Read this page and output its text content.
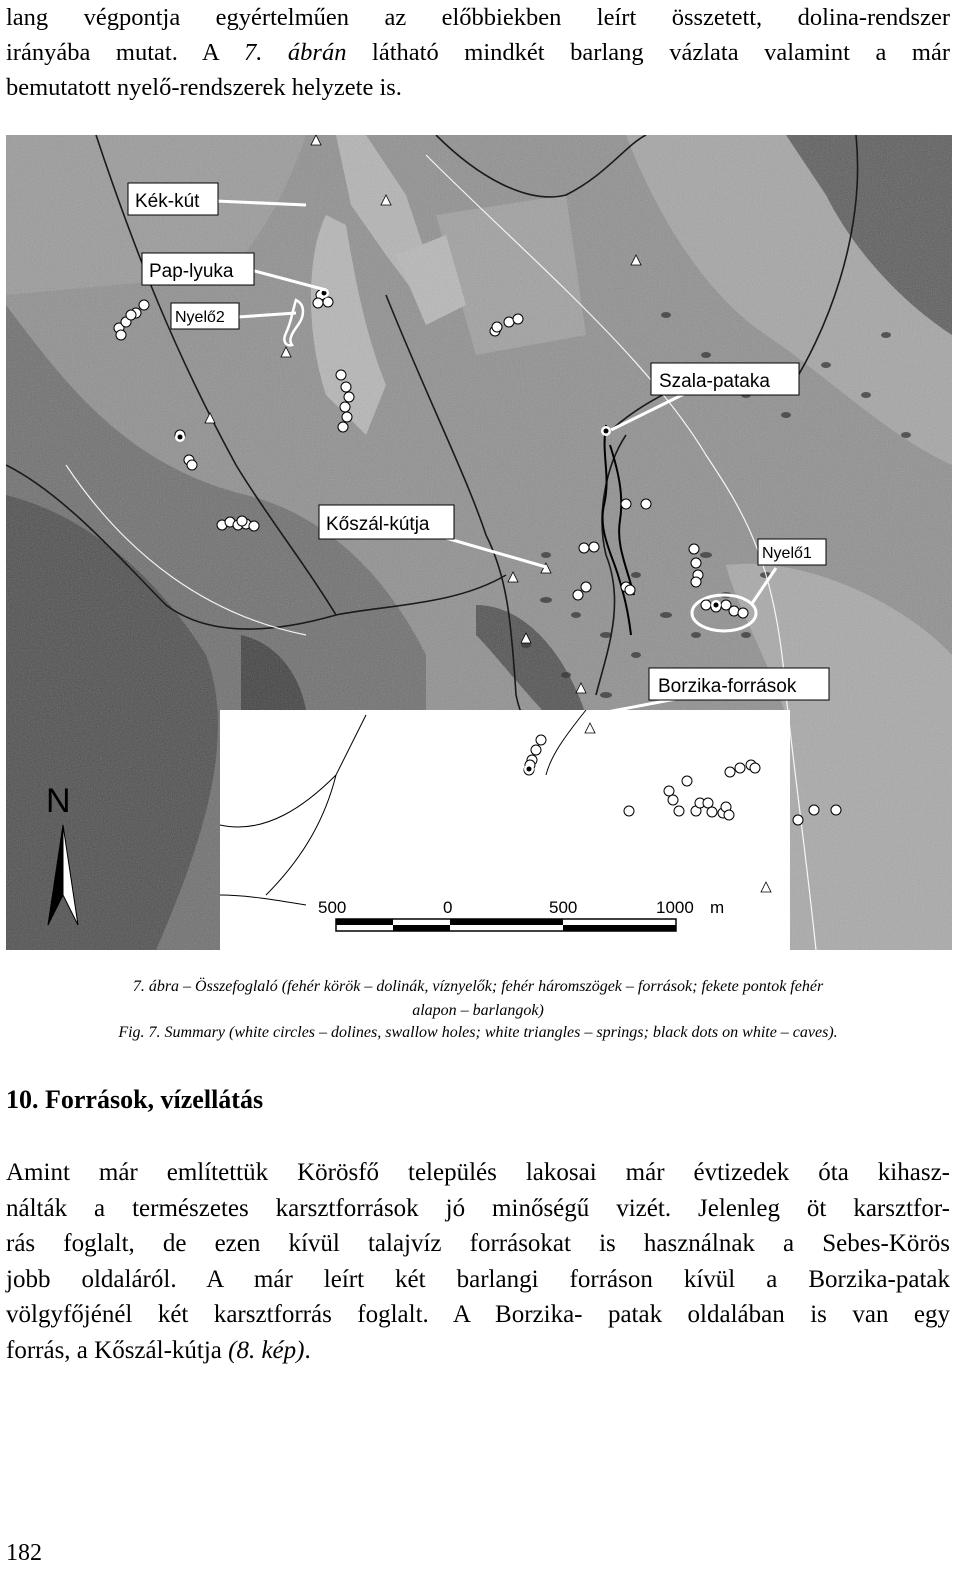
lang végpontja egyértelműen az előbbiekben leírt összetett, dolina-rendszer
irányába mutat. A 7. ábrán látható mindkét barlang vázlata valamint a már
bemutatott nyelő-rendszerek helyzete is.
Kék-kút
Pap-lyuka
Nyelő2
Szala-pataka
Kőszál-kútja
Nyelő1
Borzika-források
N
500	0	500	1000 m

7. ábra – Összefoglaló (fehér körök – dolinák, víznyelők; fehér háromszögek – források; fekete pontok fehér
alapon – barlangok)

Fig. 7. Summary (white circles – dolines, swallow holes; white triangles – springs; black dots on white – caves).

10. Források, vízellátás
Amint már említettük Körösfő település lakosai már évtizedek óta kihasz-
nálták a természetes karsztforrások jó minőségű vizét. Jelenleg öt karsztfor-
rás foglalt, de ezen kívül talajvíz forrásokat is használnak a Sebes-Körös
jobb oldaláról. A már leírt két barlangi forráson kívül a Borzika-patak
völgyfőjénél két karsztforrás foglalt. A Borzika- patak oldalában is van egy
forrás, a Kőszál-kútja (8. kép).

182
